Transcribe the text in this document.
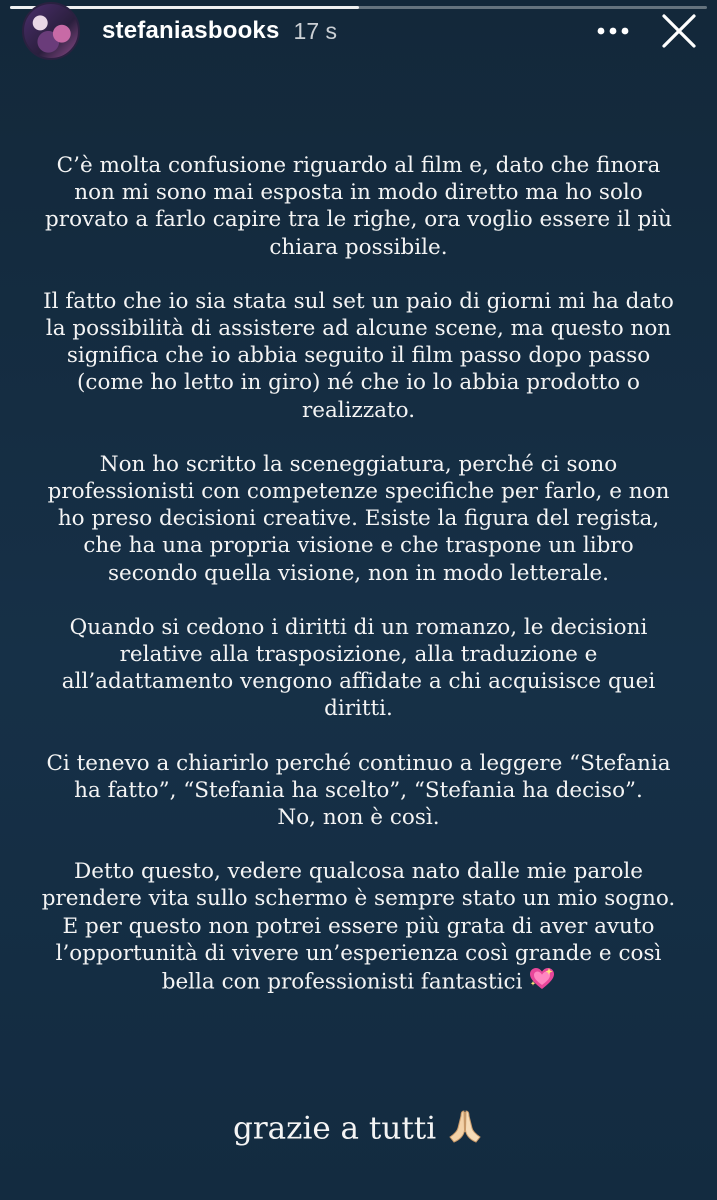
stefaniasbooks 17 s

C’è molta confusione riguardo al film e, dato che finora non mi sono mai esposta in modo diretto ma ho solo provato a farlo capire tra le righe, ora voglio essere il più chiara possibile.

Il fatto che io sia stata sul set un paio di giorni mi ha dato la possibilità di assistere ad alcune scene, ma questo non significa che io abbia seguito il film passo dopo passo (come ho letto in giro) né che io lo abbia prodotto o realizzato.

Non ho scritto la sceneggiatura, perché ci sono professionisti con competenze specifiche per farlo, e non ho preso decisioni creative. Esiste la figura del regista, che ha una propria visione e che traspone un libro secondo quella visione, non in modo letterale.

Quando si cedono i diritti di un romanzo, le decisioni relative alla trasposizione, alla traduzione e all’adattamento vengono affidate a chi acquisisce quei diritti.

Ci tenevo a chiarirlo perché continuo a leggere “Stefania ha fatto”, “Stefania ha scelto”, “Stefania ha deciso”.
No, non è così.

Detto questo, vedere qualcosa nato dalle mie parole prendere vita sullo schermo è sempre stato un mio sogno. E per questo non potrei essere più grata di aver avuto l’opportunità di vivere un’esperienza così grande e così bella con professionisti fantastici

grazie a tutti
